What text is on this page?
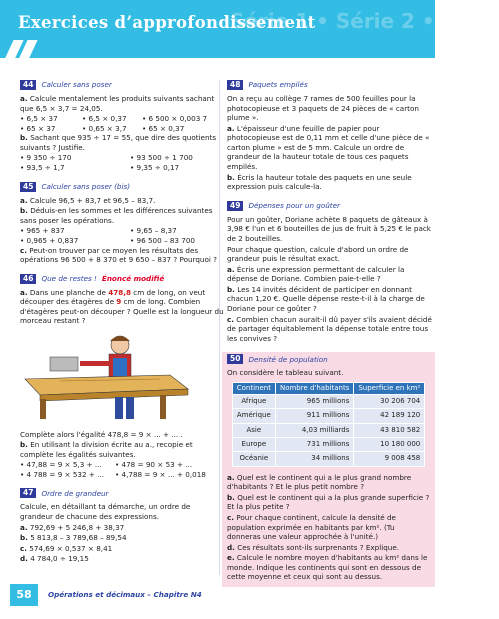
Série 1 • Série 2 • Math
Exercices d’approfondissement
44	Calculer sans poser

a. Calcule mentalement les produits suivants sachant que 6,5 × 3,7 = 24,05.

• 6,5 × 37	• 6,5 × 0,37	• 6 500 × 0,003 7
• 65 × 37	• 0,65 × 3,7	• 65 × 0,37

b. Sachant que 935 ÷ 17 = 55, que dire des quotients suivants ? Justifie.

• 9 350 ÷ 170	• 93 500 ÷ 1 700
• 93,5 ÷ 1,7	• 9,35 ÷ 0,17
45	Calculer sans poser (bis)

a. Calcule 96,5 + 83,7 et 96,5 – 83,7.

b. Déduis-en les sommes et les différences suivantes sans poser les opérations.

• 965 + 837	• 9,65 – 8,37
• 0,965 + 0,837	• 96 500 – 83 700

c. Peut-on trouver par ce moyen les résultats des opérations 96 500 + 8 370 et 9 650 – 837 ? Pourquoi ?

46	Que de restes ! Énoncé modifié

a. Dans une planche de 478,8 cm de long, on veut découper des étagères de 9 cm de long. Combien d'étagères peut-on découper ? Quelle est la longueur du morceau restant ?

Complète alors l'égalité 478,8 = 9 × ... + ... .

b. En utilisant la division écrite au a., recopie et complète les égalités suivantes.

• 47,88 = 9 × 5,3 + ...	• 478 = 90 × 53 + ...
• 4 788 = 9 × 532 + ...	• 4,788 = 9 × ... + 0,018
47	Ordre de grandeur

Calcule, en détaillant ta démarche, un ordre de grandeur de chacune des expressions.

a. 792,69 + 5 246,8 + 38,37

b. 5 813,8 – 3 789,68 – 89,54

c. 574,69 × 0,537 × 8,41

d. 4 784,0 ÷ 19,15

48	Paquets empilés

On a reçu au collège 7 rames de 500 feuilles pour la photocopieuse et 3 paquets de 24 pièces de « carton plume ».

a. L'épaisseur d'une feuille de papier pour photocopieuse est de 0,11 mm et celle d'une pièce de « carton plume » est de 5 mm. Calcule un ordre de grandeur de la hauteur totale de tous ces paquets empilés.

b. Écris la hauteur totale des paquets en une seule expression puis calcule-la.

49	Dépenses pour un goûter

Pour un goûter, Doriane achète 8 paquets de gâteaux à 3,98 € l'un et 6 bouteilles de jus de fruit à 5,25 € le pack de 2 bouteilles.

Pour chaque question, calcule d'abord un ordre de grandeur puis le résultat exact.

a. Écris une expression permettant de calculer la dépense de Doriane. Combien paie-t-elle ?

b. Les 14 invités décident de participer en donnant chacun 1,20 €. Quelle dépense reste-t-il à la charge de Doriane pour ce goûter ?

c. Combien chacun aurait-il dû payer s'ils avaient décidé de partager équitablement la dépense totale entre tous les convives ?

50	Densité de population

On considère le tableau suivant.

Continent	Nombre d'habitants	Superficie en km²
Afrique	965 millions	30 206 704
Amérique	911 millions	42 189 120
Asie	4,03 milliards	43 810 582
Europe	731 millions	10 180 000
Océanie	34 millions	9 008 458

a. Quel est le continent qui a le plus grand nombre d'habitants ? Et le plus petit nombre ?

b. Quel est le continent qui a la plus grande superficie ? Et la plus petite ?

c. Pour chaque continent, calcule la densité de population exprimée en habitants par km². (Tu donneras une valeur approchée à l'unité.)

d. Ces résultats sont-ils surprenants ? Explique.

e. Calcule le nombre moyen d'habitants au km² dans le monde. Indique les continents qui sont en dessous de cette moyenne et ceux qui sont au dessus.

58	Opérations et décimaux – Chapitre N4
